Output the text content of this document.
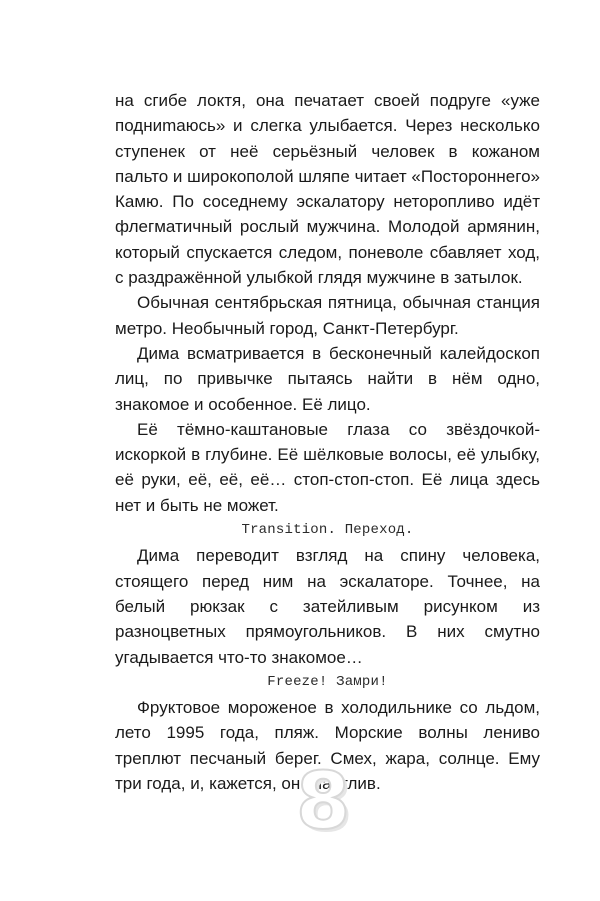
на сгибе локтя, она печатает своей подруге «уже подниmаюсь» и слегка улыбается. Через несколько ступенек от неё серьёзный человек в кожаном пальто и широкополой шляпе читает «Постороннего» Камю. По соседнему эскалатору неторопливо идёт флегматичный рослый мужчина. Молодой армянин, который спускается следом, поневоле сбавляет ход, с раздражённой улыбкой глядя мужчине в затылок.

Обычная сентябрьская пятница, обычная станция метро. Необычный город, Санкт-Петербург.

Дима всматривается в бесконечный калейдоскоп лиц, по привычке пытаясь найти в нём одно, знакомое и особенное. Её лицо.

Её тёмно-каштановые глаза со звёздочкой-искоркой в глубине. Её шёлковые волосы, её улыбку, её руки, её, её, её… стоп-стоп-стоп. Её лица здесь нет и быть не может.

Transition. Переход.

Дима переводит взгляд на спину человека, стоящего перед ним на эскалаторе. Точнее, на белый рюкзак с затейливым рисунком из разноцветных прямоугольников. В них смутно угадывается что-то знакомое…

Freeze! Замри!

Фруктовое мороженое в холодильнике со льдом, лето 1995 года, пляж. Морские волны лениво треплют песчаный берег. Смех, жара, солнце. Ему три года, и, кажется, он счастлив.

8
